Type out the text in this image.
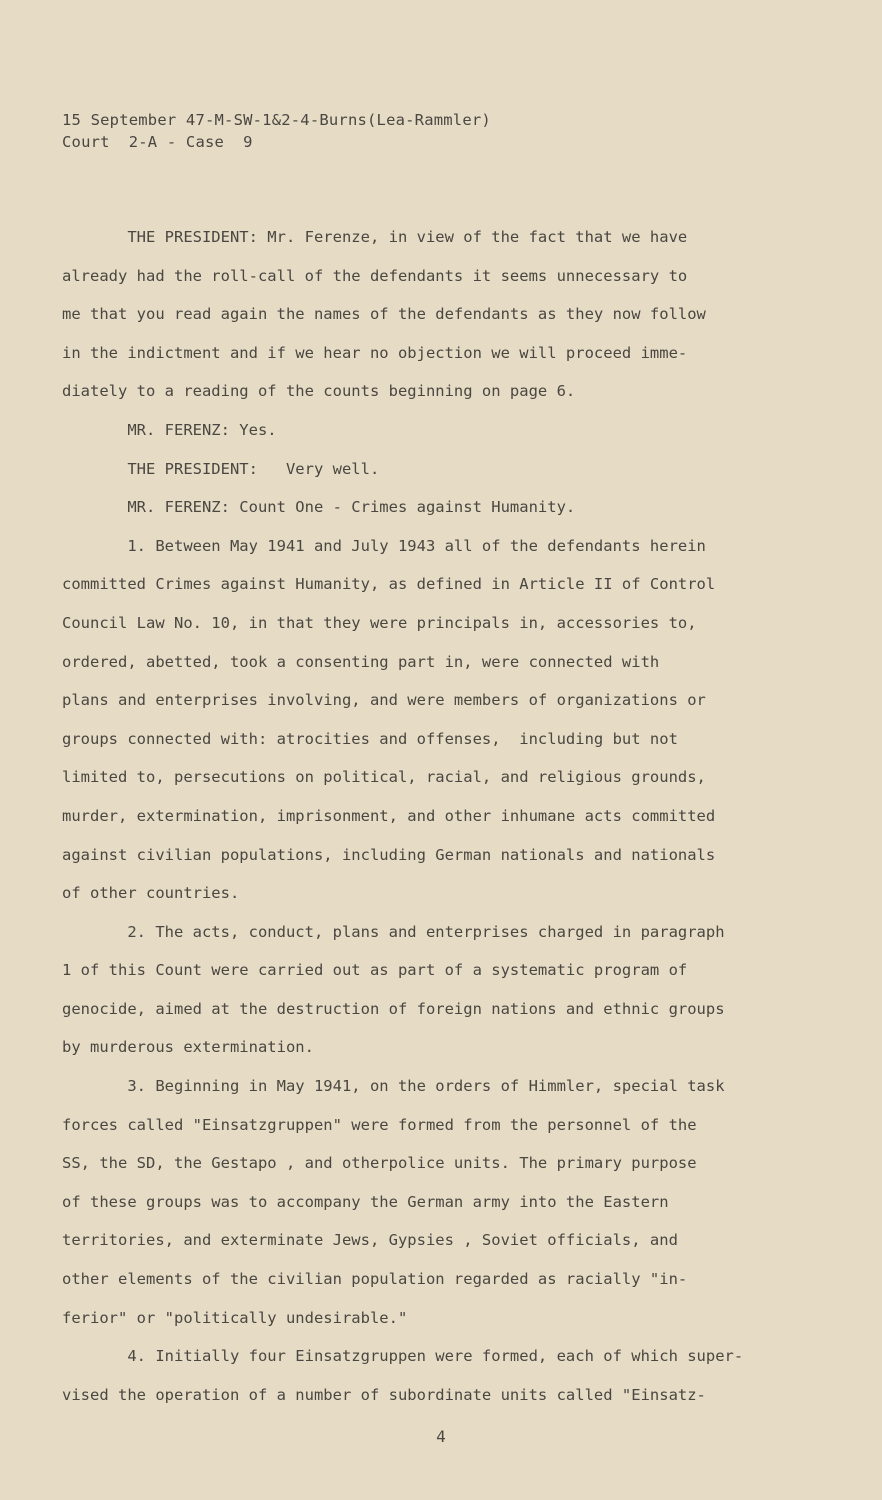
15 September 47-M-SW-1&2-4-Burns(Lea-Rammler)
Court  2-A - Case  9
THE PRESIDENT: Mr. Ferenze, in view of the fact that we have
already had the roll-call of the defendants it seems unnecessary to
me that you read again the names of the defendants as they now follow
in the indictment and if we hear no objection we will proceed imme-
diately to a reading of the counts beginning on page 6.
MR. FERENZ: Yes.
THE PRESIDENT:   Very well.
MR. FERENZ: Count One - Crimes against Humanity.
1. Between May 1941 and July 1943 all of the defendants herein
committed Crimes against Humanity, as defined in Article II of Control
Council Law No. 10, in that they were principals in, accessories to,
ordered, abetted, took a consenting part in, were connected with
plans and enterprises involving, and were members of organizations or
groups connected with: atrocities and offenses,  including but not
limited to, persecutions on political, racial, and religious grounds,
murder, extermination, imprisonment, and other inhumane acts committed
against civilian populations, including German nationals and nationals
of other countries.
2. The acts, conduct, plans and enterprises charged in paragraph
1 of this Count were carried out as part of a systematic program of
genocide, aimed at the destruction of foreign nations and ethnic groups
by murderous extermination.
3. Beginning in May 1941, on the orders of Himmler, special task
forces called "Einsatzgruppen" were formed from the personnel of the
SS, the SD, the Gestapo , and otherpolice units. The primary purpose
of these groups was to accompany the German army into the Eastern
territories, and exterminate Jews, Gypsies , Soviet officials, and
other elements of the civilian population regarded as racially "in-
ferior" or "politically undesirable."
4. Initially four Einsatzgruppen were formed, each of which super-
vised the operation of a number of subordinate units called "Einsatz-
4
